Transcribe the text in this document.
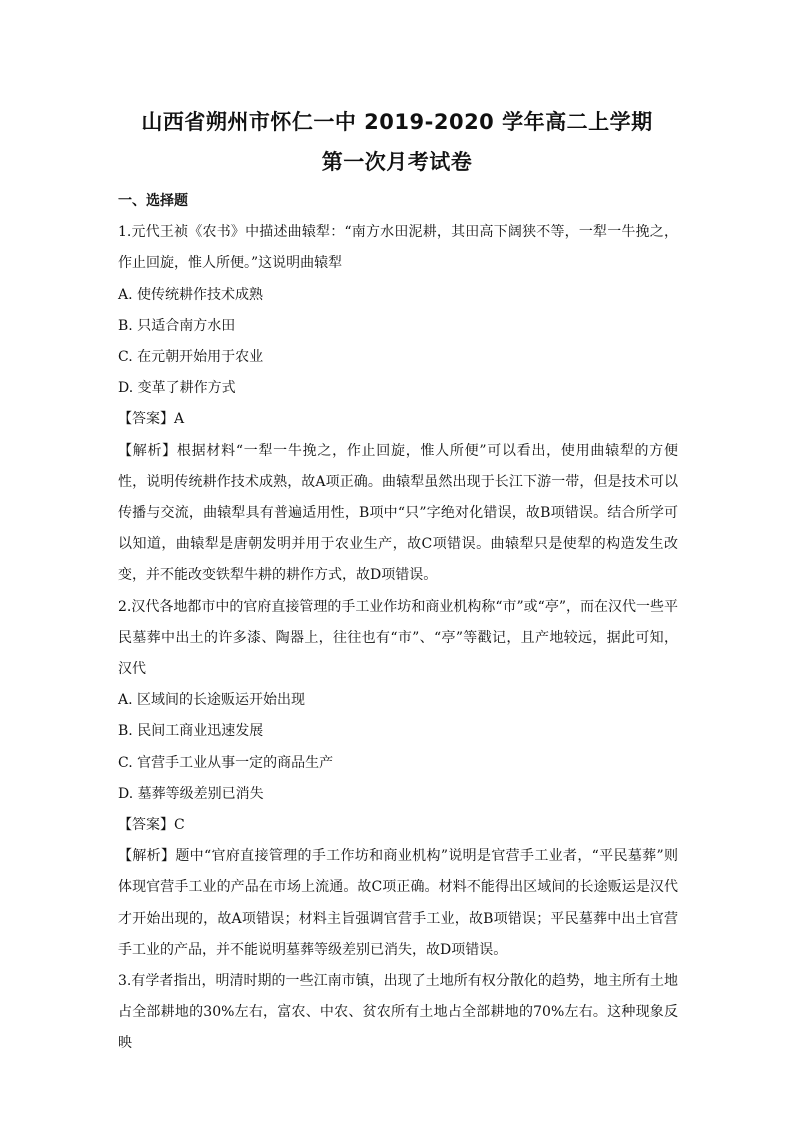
山西省朔州市怀仁一中 2019-2020 学年高二上学期
第一次月考试卷
一、选择题
1.元代王祯《农书》中描述曲辕犁：“南方水田泥耕，其田高下阔狭不等，一犁一牛挽之，作止回旋，惟人所便。”这说明曲辕犁
A. 使传统耕作技术成熟
B. 只适合南方水田
C. 在元朝开始用于农业
D. 变革了耕作方式
【答案】A
【解析】根据材料“一犁一牛挽之，作止回旋，惟人所便”可以看出，使用曲辕犁的方便性，说明传统耕作技术成熟，故A项正确。曲辕犁虽然出现于长江下游一带，但是技术可以传播与交流，曲辕犁具有普遍适用性，B项中“只”字绝对化错误，故B项错误。结合所学可以知道，曲辕犁是唐朝发明并用于农业生产，故C项错误。曲辕犁只是使犁的构造发生改变，并不能改变铁犁牛耕的耕作方式，故D项错误。
2.汉代各地都市中的官府直接管理的手工业作坊和商业机构称“市”或“亭”，而在汉代一些平民墓葬中出土的许多漆、陶器上，往往也有“市”、“亭”等戳记，且产地较远，据此可知，汉代
A. 区域间的长途贩运开始出现
B. 民间工商业迅速发展
C. 官营手工业从事一定的商品生产
D. 墓葬等级差别已消失
【答案】C
【解析】题中“官府直接管理的手工作坊和商业机构”说明是官营手工业者，“平民墓葬”则体现官营手工业的产品在市场上流通。故C项正确。材料不能得出区域间的长途贩运是汉代才开始出现的，故A项错误；材料主旨强调官营手工业，故B项错误；平民墓葬中出土官营手工业的产品，并不能说明墓葬等级差别已消失，故D项错误。
3.有学者指出，明清时期的一些江南市镇，出现了土地所有权分散化的趋势，地主所有土地占全部耕地的30%左右，富农、中农、贫农所有土地占全部耕地的70%左右。这种现象反映
